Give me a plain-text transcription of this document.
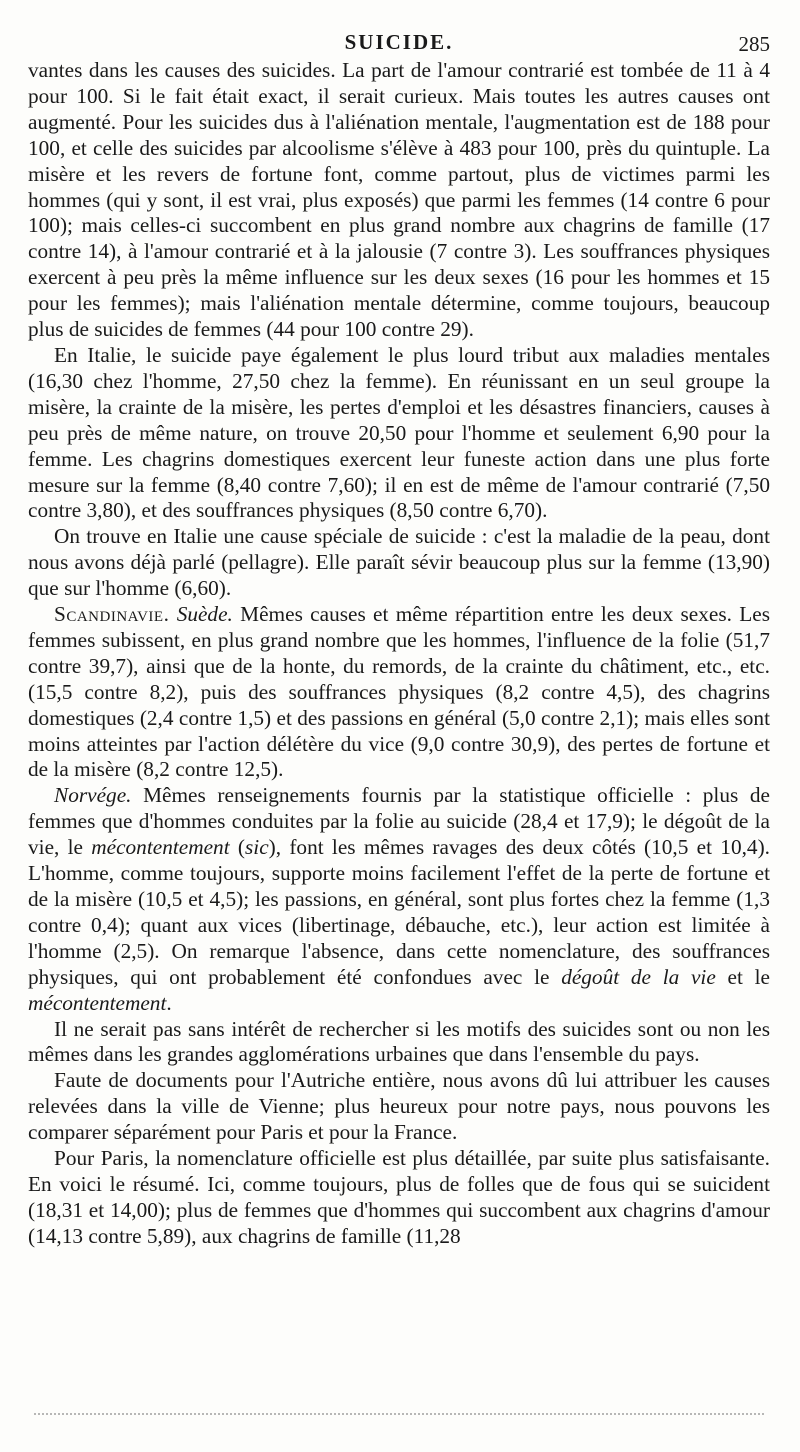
SUICIDE.	285

vantes dans les causes des suicides. La part de l'amour contrarié est tombée de 11 à 4 pour 100. Si le fait était exact, il serait curieux. Mais toutes les autres causes ont augmenté. Pour les suicides dus à l'aliénation mentale, l'augmentation est de 188 pour 100, et celle des suicides par alcoolisme s'élève à 483 pour 100, près du quintuple. La misère et les revers de fortune font, comme partout, plus de victimes parmi les hommes (qui y sont, il est vrai, plus exposés) que parmi les femmes (14 contre 6 pour 100); mais celles-ci succombent en plus grand nombre aux chagrins de famille (17 contre 14), à l'amour contrarié et à la jalousie (7 contre 3). Les souffrances physiques exercent à peu près la même influence sur les deux sexes (16 pour les hommes et 15 pour les femmes); mais l'aliénation mentale détermine, comme toujours, beaucoup plus de suicides de femmes (44 pour 100 contre 29).

En Italie, le suicide paye également le plus lourd tribut aux maladies mentales (16,30 chez l'homme, 27,50 chez la femme). En réunissant en un seul groupe la misère, la crainte de la misère, les pertes d'emploi et les désastres financiers, causes à peu près de même nature, on trouve 20,50 pour l'homme et seulement 6,90 pour la femme. Les chagrins domestiques exercent leur funeste action dans une plus forte mesure sur la femme (8,40 contre 7,60); il en est de même de l'amour contrarié (7,50 contre 3,80), et des souffrances physiques (8,50 contre 6,70).

On trouve en Italie une cause spéciale de suicide : c'est la maladie de la peau, dont nous avons déjà parlé (pellagre). Elle paraît sévir beaucoup plus sur la femme (13,90) que sur l'homme (6,60).

Scandinavie. Suède. Mêmes causes et même répartition entre les deux sexes. Les femmes subissent, en plus grand nombre que les hommes, l'influence de la folie (51,7 contre 39,7), ainsi que de la honte, du remords, de la crainte du châtiment, etc., etc. (15,5 contre 8,2), puis des souffrances physiques (8,2 contre 4,5), des chagrins domestiques (2,4 contre 1,5) et des passions en général (5,0 contre 2,1); mais elles sont moins atteintes par l'action délétère du vice (9,0 contre 30,9), des pertes de fortune et de la misère (8,2 contre 12,5).

Norvége. Mêmes renseignements fournis par la statistique officielle : plus de femmes que d'hommes conduites par la folie au suicide (28,4 et 17,9); le dégoût de la vie, le mécontentement (sic), font les mêmes ravages des deux côtés (10,5 et 10,4). L'homme, comme toujours, supporte moins facilement l'effet de la perte de fortune et de la misère (10,5 et 4,5); les passions, en général, sont plus fortes chez la femme (1,3 contre 0,4); quant aux vices (libertinage, débauche, etc.), leur action est limitée à l'homme (2,5). On remarque l'absence, dans cette nomenclature, des souffrances physiques, qui ont probablement été confondues avec le dégoût de la vie et le mécontentement.

Il ne serait pas sans intérêt de rechercher si les motifs des suicides sont ou non les mêmes dans les grandes agglomérations urbaines que dans l'ensemble du pays.

Faute de documents pour l'Autriche entière, nous avons dû lui attribuer les causes relevées dans la ville de Vienne; plus heureux pour notre pays, nous pouvons les comparer séparément pour Paris et pour la France.

Pour Paris, la nomenclature officielle est plus détaillée, par suite plus satisfaisante. En voici le résumé. Ici, comme toujours, plus de folles que de fous qui se suicident (18,31 et 14,00); plus de femmes que d'hommes qui succombent aux chagrins d'amour (14,13 contre 5,89), aux chagrins de famille (11,28
